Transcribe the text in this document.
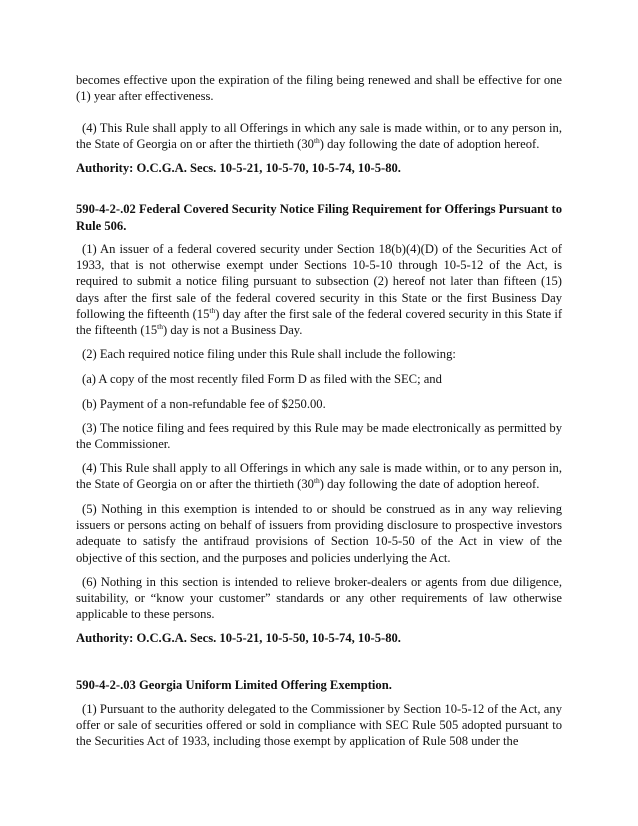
becomes effective upon the expiration of the filing being renewed and shall be effective for one (1) year after effectiveness.

(4) This Rule shall apply to all Offerings in which any sale is made within, or to any person in, the State of Georgia on or after the thirtieth (30th) day following the date of adoption hereof.

Authority: O.C.G.A. Secs. 10-5-21, 10-5-70, 10-5-74, 10-5-80.

590-4-2-.02 Federal Covered Security Notice Filing Requirement for Offerings Pursuant to Rule 506.

(1) An issuer of a federal covered security under Section 18(b)(4)(D) of the Securities Act of 1933, that is not otherwise exempt under Sections 10-5-10 through 10-5-12 of the Act, is required to submit a notice filing pursuant to subsection (2) hereof not later than fifteen (15) days after the first sale of the federal covered security in this State or the first Business Day following the fifteenth (15th) day after the first sale of the federal covered security in this State if the fifteenth (15th) day is not a Business Day.

(2) Each required notice filing under this Rule shall include the following:

(a) A copy of the most recently filed Form D as filed with the SEC; and

(b) Payment of a non-refundable fee of $250.00.

(3) The notice filing and fees required by this Rule may be made electronically as permitted by the Commissioner.

(4) This Rule shall apply to all Offerings in which any sale is made within, or to any person in, the State of Georgia on or after the thirtieth (30th) day following the date of adoption hereof.

(5) Nothing in this exemption is intended to or should be construed as in any way relieving issuers or persons acting on behalf of issuers from providing disclosure to prospective investors adequate to satisfy the antifraud provisions of Section 10-5-50 of the Act in view of the objective of this section, and the purposes and policies underlying the Act.

(6) Nothing in this section is intended to relieve broker-dealers or agents from due diligence, suitability, or “know your customer” standards or any other requirements of law otherwise applicable to these persons.

Authority: O.C.G.A. Secs. 10-5-21, 10-5-50, 10-5-74, 10-5-80.

590-4-2-.03 Georgia Uniform Limited Offering Exemption.

(1) Pursuant to the authority delegated to the Commissioner by Section 10-5-12 of the Act, any offer or sale of securities offered or sold in compliance with SEC Rule 505 adopted pursuant to the Securities Act of 1933, including those exempt by application of Rule 508 under the
